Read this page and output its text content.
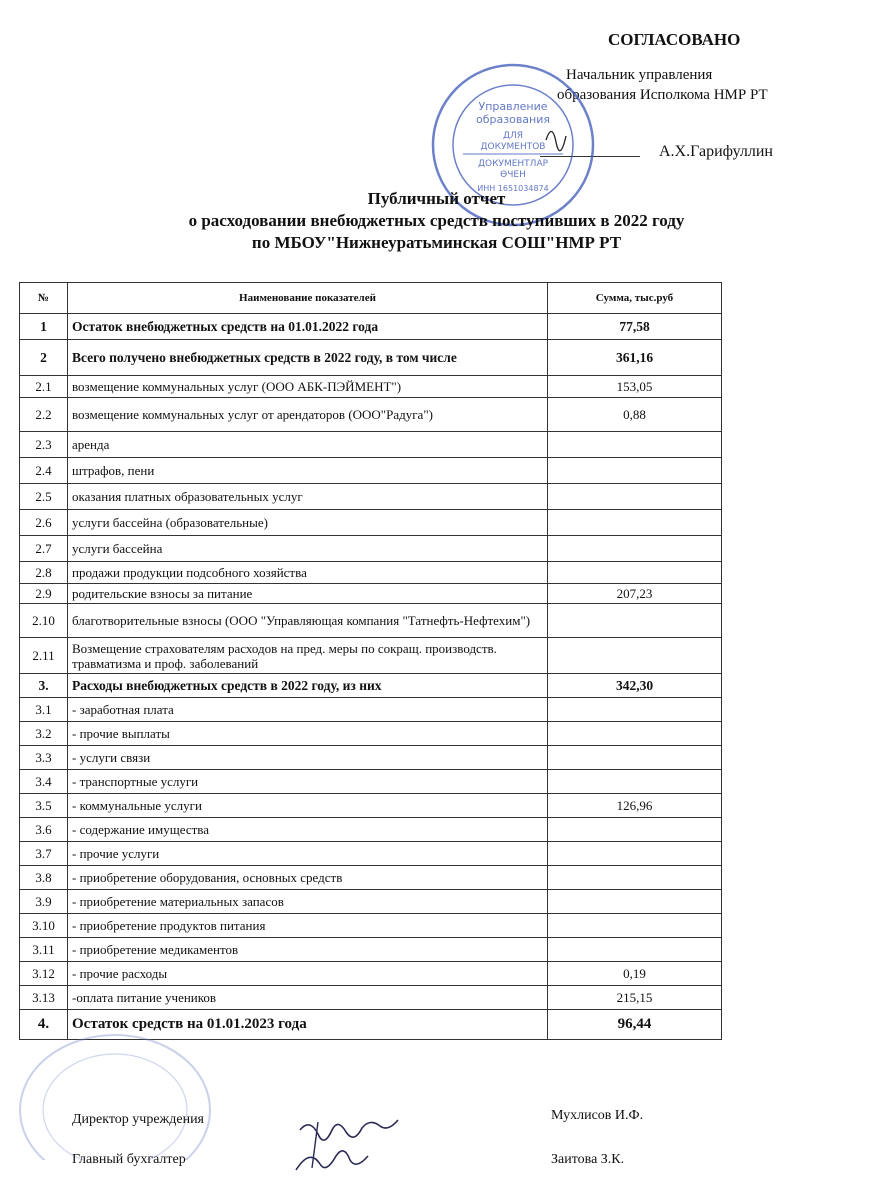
СОГЛАСОВАНО
Начальник управления
образования Исполкома НМР РТ
А.Х.Гарифуллин
Управление
образования
ДЛЯ
ДОКУМЕНТОВ
ДОКУМЕНТЛАР
ӨЧЕН
ИНН 1651034874
Публичный отчет
о расходовании внебюджетных средств поступивших в 2022 году
по МБОУ"Нижнеуратьминская СОШ"НМР РТ
№	Наименование показателей	Сумма, тыс.руб
1	Остаток внебюджетных средств на 01.01.2022 года	77,58
2	Всего получено внебюджетных средств в 2022 году, в том числе	361,16
2.1	возмещение коммунальных услуг (ООО АБК-ПЭЙМЕНТ")	153,05
2.2	возмещение коммунальных услуг от арендаторов (ООО"Радуга")	0,88
2.3	аренда	
2.4	штрафов, пени	
2.5	оказания платных образовательных услуг	
2.6	услуги бассейна (образовательные)	
2.7	услуги бассейна	
2.8	продажи продукции подсобного хозяйства	
2.9	родительские взносы за питание	207,23
2.10	благотворительные взносы (ООО "Управляющая компания "Татнефть-Нефтехим")	
2.11	Возмещение страхователям расходов на пред. меры по сокращ. производств. травматизма и проф. заболеваний	
3.	Расходы внебюджетных средств в 2022 году, из них	342,30
3.1	- заработная плата	
3.2	- прочие выплаты	
3.3	- услуги связи	
3.4	- транспортные услуги	
3.5	- коммунальные услуги	126,96
3.6	- содержание имущества	
3.7	- прочие услуги	
3.8	- приобретение оборудования, основных средств	
3.9	- приобретение материальных запасов	
3.10	- приобретение продуктов питания	
3.11	- приобретение медикаментов	
3.12	- прочие расходы	0,19
3.13	-оплата питание учеников	215,15
4.	Остаток средств на 01.01.2023 года	96,44
Директор учреждения	Мухлисов И.Ф.
Главный бухгалтер	Заитова З.К.
